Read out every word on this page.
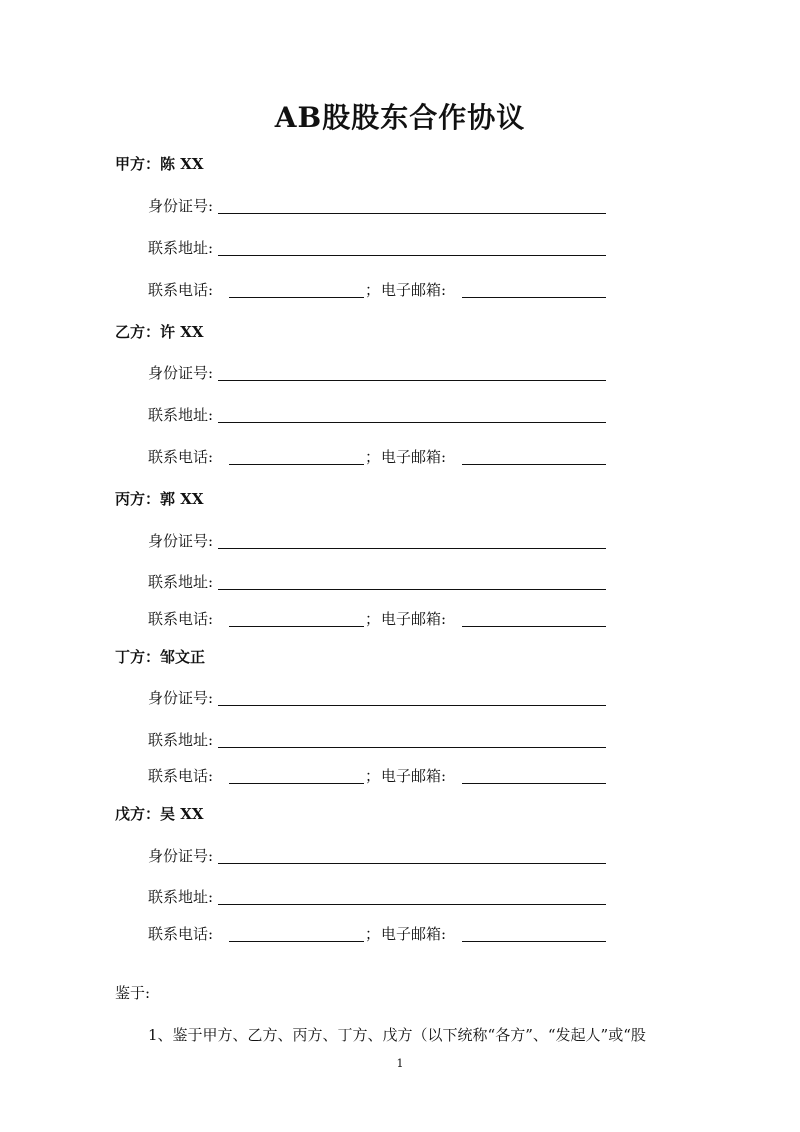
AB股股东合作协议
甲方：陈 XX
身份证号:
联系地址:
联系电话:	； 电子邮箱:
乙方：许 XX
身份证号:
联系地址:
联系电话:	； 电子邮箱:
丙方：郭 XX
身份证号:
联系地址:
联系电话:	； 电子邮箱:
丁方：邹文正
身份证号:
联系地址:
联系电话:	； 电子邮箱:
戊方：吴 XX
身份证号:
联系地址:
联系电话:	； 电子邮箱:
鉴于:
1、鉴于甲方、乙方、丙方、丁方、戊方（以下统称“各方”、“发起人”或“股
1
